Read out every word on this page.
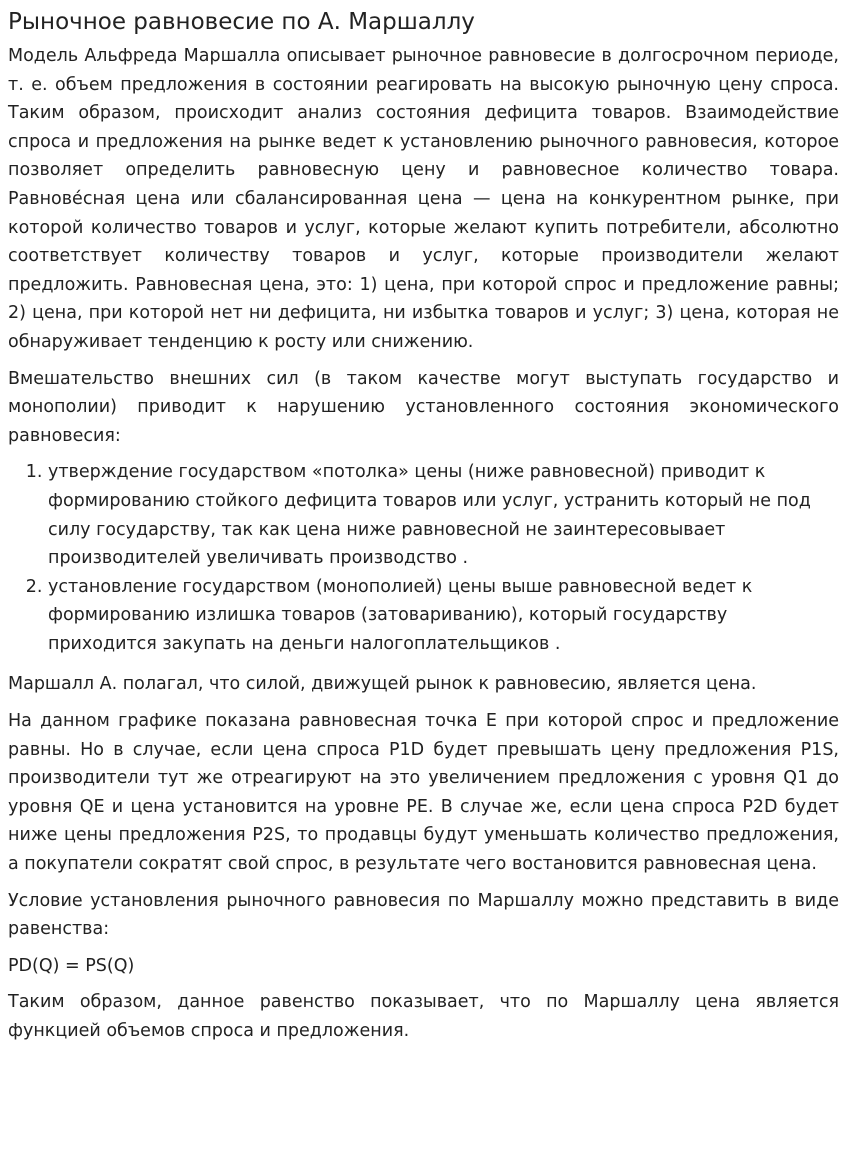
Рыночное равновесие по А. Маршаллу

Модель Альфреда Маршалла описывает рыночное равновесие в долгосрочном периоде, т. е. объем предложения в состоянии реагировать на высокую рыночную цену спроса. Таким образом, происходит анализ состояния дефицита товаров. Взаимодействие спроса и предложения на рынке ведет к установлению рыночного равновесия, которое позволяет определить равновесную цену и равновесное количество товара. Равнове́сная цена или сбалансированная цена — цена на конкурентном рынке, при которой количество товаров и услуг, которые желают купить потребители, абсолютно соответствует количеству товаров и услуг, которые производители желают предложить. Равновесная цена, это: 1) цена, при которой спрос и предложение равны; 2) цена, при которой нет ни дефицита, ни избытка товаров и услуг; 3) цена, которая не обнаруживает тенденцию к росту или снижению.

Вмешательство внешних сил (в таком качестве могут выступать государство и монополии) приводит к нарушению установленного состояния экономического равновесия:

1. утверждение государством «потолка» цены (ниже равновесной) приводит к формированию стойкого дефицита товаров или услуг, устранить который не под силу государству, так как цена ниже равновесной не заинтересовывает производителей увеличивать производство .
2. установление государством (монополией) цены выше равновесной ведет к формированию излишка товаров (затовариванию), который государству приходится закупать на деньги налогоплательщиков .

Маршалл А. полагал, что силой, движущей рынок к равновесию, является цена.

На данном графике показана равновесная точка E при которой спрос и предложение равны. Но в случае, если цена спроса P1D будет превышать цену предложения P1S, производители тут же отреагируют на это увеличением предложения с уровня Q1 до уровня QE и цена установится на уровне PE. В случае же, если цена спроса P2D будет ниже цены предложения P2S, то продавцы будут уменьшать количество предложения, а покупатели сократят свой спрос, в результате чего востановится равновесная цена.

Условие установления рыночного равновесия по Маршаллу можно представить в виде равенства:

PD(Q) = PS(Q)

Таким образом, данное равенство показывает, что по Маршаллу цена является функцией объемов спроса и предложения.
